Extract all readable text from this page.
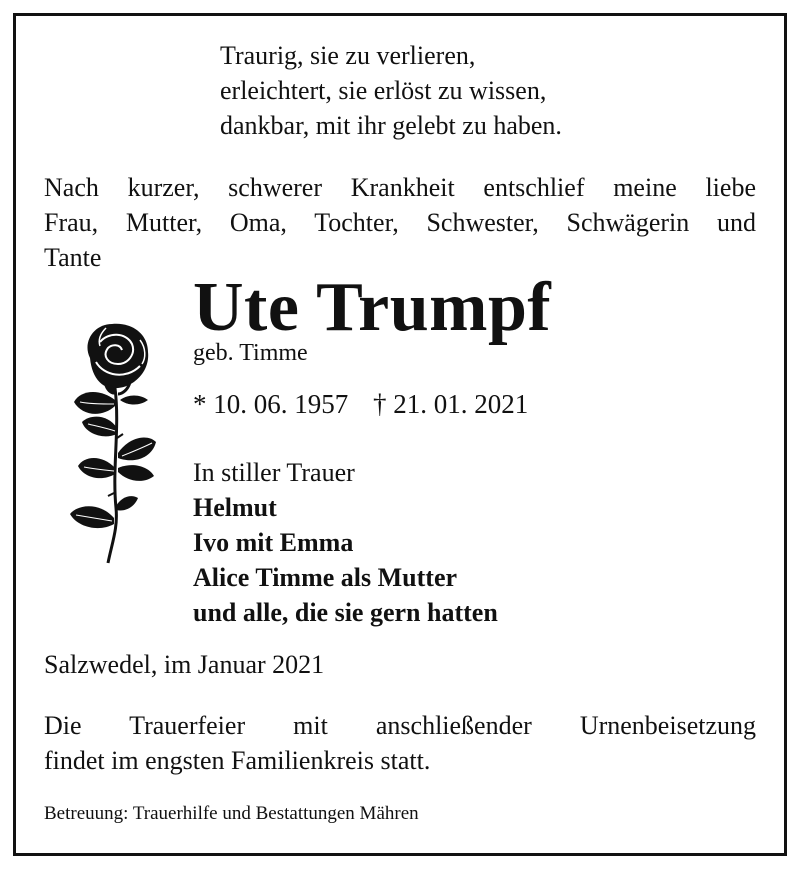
Traurig, sie zu verlieren,
erleichtert, sie erlöst zu wissen,
dankbar, mit ihr gelebt zu haben.
Nach kurzer, schwerer Krankheit entschlief meine liebe
Frau, Mutter, Oma, Tochter, Schwester, Schwägerin und
Tante
Ute Trumpf
geb. Timme
* 10. 06. 1957 † 21. 01. 2021
In stiller Trauer
Helmut
Ivo mit Emma
Alice Timme als Mutter
und alle, die sie gern hatten
Salzwedel, im Januar 2021
Die Trauerfeier mit anschließender Urnenbeisetzung
findet im engsten Familienkreis statt.
Betreuung: Trauerhilfe und Bestattungen Mähren
